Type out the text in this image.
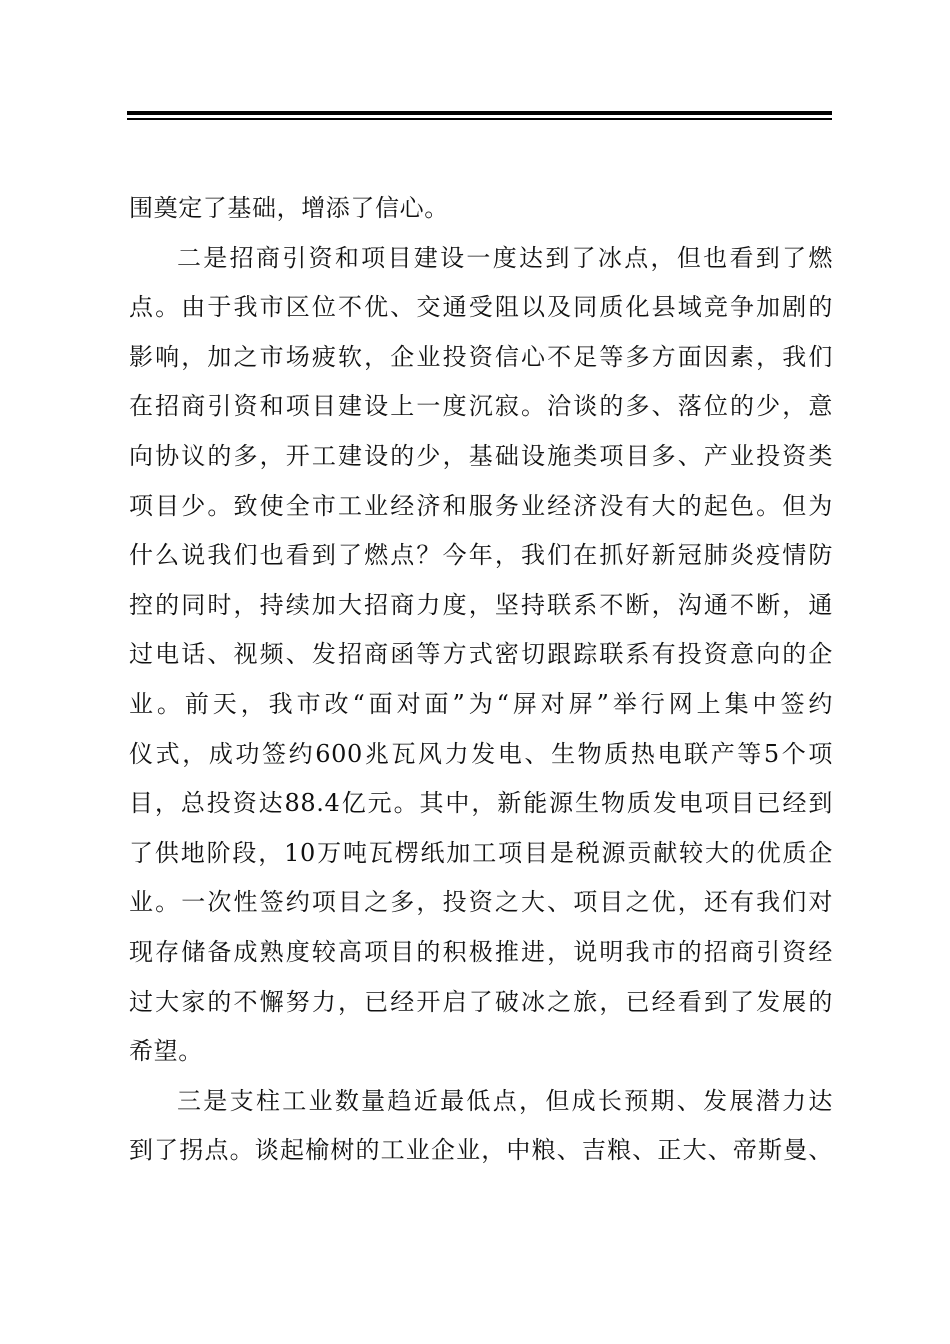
围奠定了基础，增添了信心。
二是招商引资和项目建设一度达到了冰点，但也看到了燃
点。由于我市区位不优、交通受阻以及同质化县域竞争加剧的
影响，加之市场疲软，企业投资信心不足等多方面因素，我们
在招商引资和项目建设上一度沉寂。洽谈的多、落位的少，意
向协议的多，开工建设的少，基础设施类项目多、产业投资类
项目少。致使全市工业经济和服务业经济没有大的起色。但为
什么说我们也看到了燃点？今年，我们在抓好新冠肺炎疫情防
控的同时，持续加大招商力度，坚持联系不断，沟通不断，通
过电话、视频、发招商函等方式密切跟踪联系有投资意向的企
业。前天，我市改“面对面”为“屏对屏”举行网上集中签约
仪式，成功签约600兆瓦风力发电、生物质热电联产等5个项
目，总投资达88.4亿元。其中，新能源生物质发电项目已经到
了供地阶段，10万吨瓦楞纸加工项目是税源贡献较大的优质企
业。一次性签约项目之多，投资之大、项目之优，还有我们对
现存储备成熟度较高项目的积极推进，说明我市的招商引资经
过大家的不懈努力，已经开启了破冰之旅，已经看到了发展的
希望。
三是支柱工业数量趋近最低点，但成长预期、发展潜力达
到了拐点。谈起榆树的工业企业，中粮、吉粮、正大、帝斯曼、
